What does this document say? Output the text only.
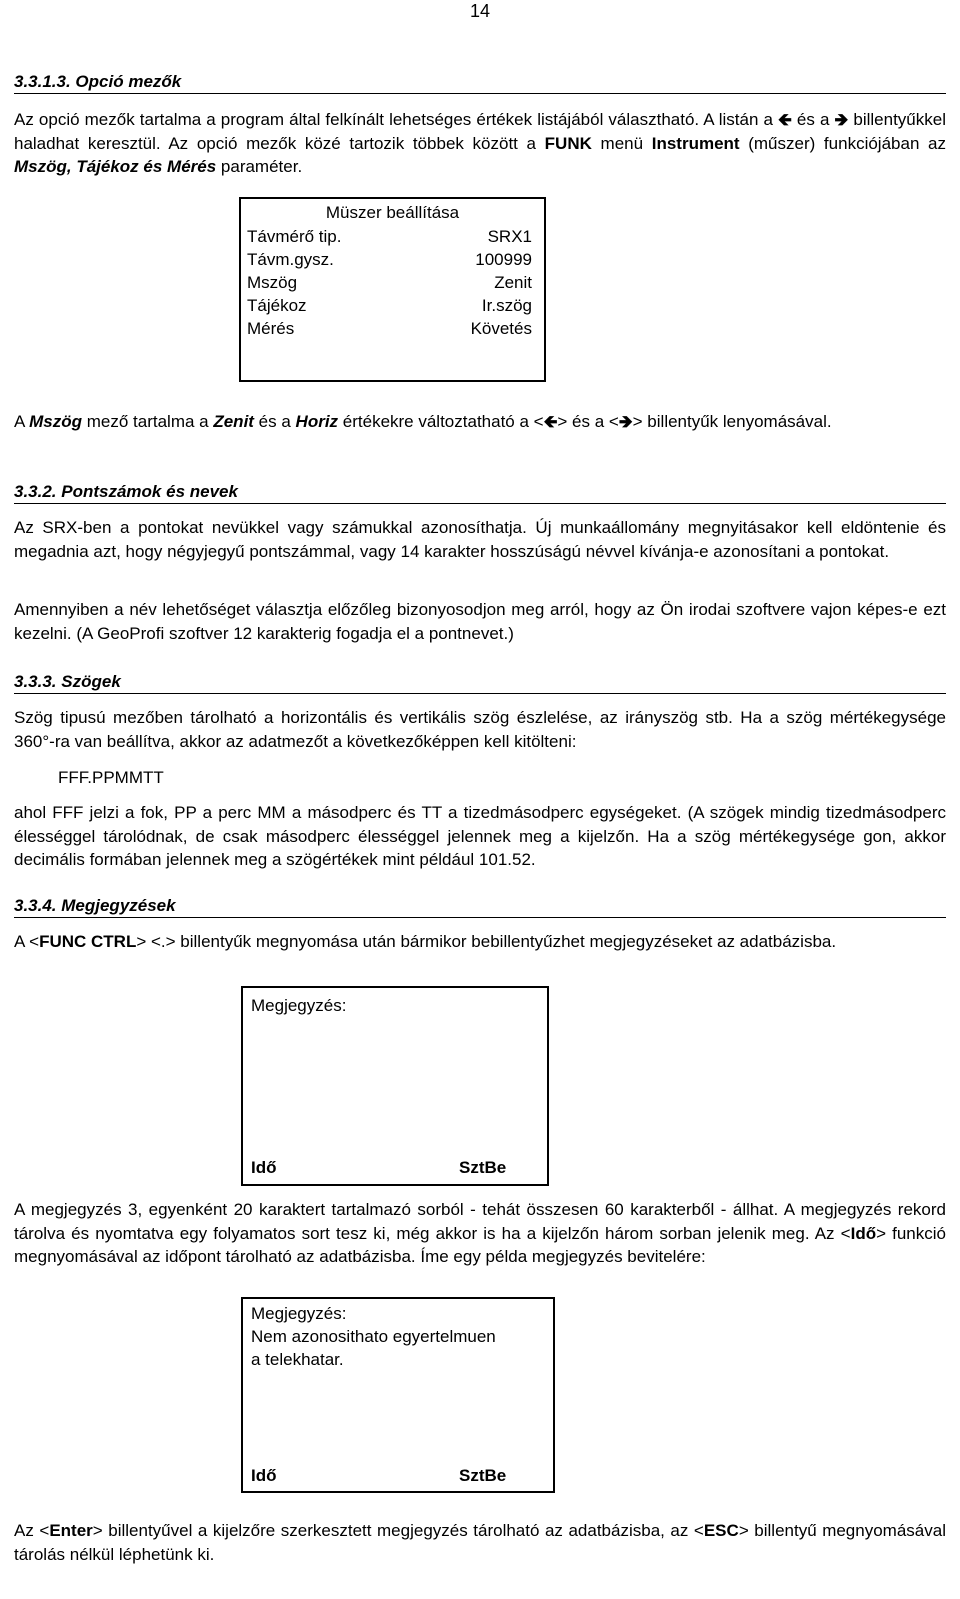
14
3.3.1.3. Opció mezők

Az opció mezők tartalma a program által felkínált lehetséges értékek listájából választható. A listán a 🡸 és a 🡺 billentyűkkel haladhat keresztül. Az opció mezők közé tartozik többek között a FUNK menü Instrument (műszer) funkciójában az Mszög, Tájékoz és Mérés paraméter.

Müszer beállítása
Távmérő tip.	SRX1
Távm.gysz.	100999
Mszög	Zenit
Tájékoz	Ir.szög
Mérés	Követés

A Mszög mező tartalma a Zenit és a Horiz értékekre változtatható a <🡸> és a <🡺> billentyűk lenyomásával.

3.3.2. Pontszámok és nevek

Az SRX-ben a pontokat nevükkel vagy számukkal azonosíthatja. Új munkaállomány megnyitásakor kell eldöntenie és megadnia azt, hogy négyjegyű pontszámmal, vagy 14 karakter hosszúságú névvel kívánja-e azonosítani a pontokat.

Amennyiben a név lehetőséget választja előzőleg bizonyosodjon meg arról, hogy az Ön irodai szoftvere vajon képes-e ezt kezelni. (A GeoProfi szoftver 12 karakterig fogadja el a pontnevet.)

3.3.3. Szögek

Szög tipusú mezőben tárolható a horizontális és vertikális szög észlelése, az irányszög stb. Ha a szög mértékegysége 360°-ra van beállítva, akkor az adatmezőt a következőképpen kell kitölteni:

FFF.PPMMTT

ahol FFF jelzi a fok, PP a perc MM a másodperc és TT a tizedmásodperc egységeket. (A szögek mindig tizedmásodperc élességgel tárolódnak, de csak másodperc élességgel jelennek meg a kijelzőn. Ha a szög mértékegysége gon, akkor decimális formában jelennek meg a szögértékek mint például 101.52.

3.3.4. Megjegyzések

A <FUNC CTRL> <.> billentyűk megnyomása után bármikor bebillentyűzhet megjegyzéseket az adatbázisba.

Megjegyzés:
Idő	SztBe

A megjegyzés 3, egyenként 20 karaktert tartalmazó sorból - tehát összesen 60 karakterből - állhat. A megjegyzés rekord tárolva és nyomtatva egy folyamatos sort tesz ki, még akkor is ha a kijelzőn három sorban jelenik meg. Az <Idő> funkció megnyomásával az időpont tárolható az adatbázisba. Íme egy példa megjegyzés bevitelére:

Megjegyzés:
Nem azonosithato egyertelmuen
a telekhatar.
Idő	SztBe

Az <Enter> billentyűvel a kijelzőre szerkesztett megjegyzés tárolható az adatbázisba, az <ESC> billentyű megnyomásával tárolás nélkül léphetünk ki.
